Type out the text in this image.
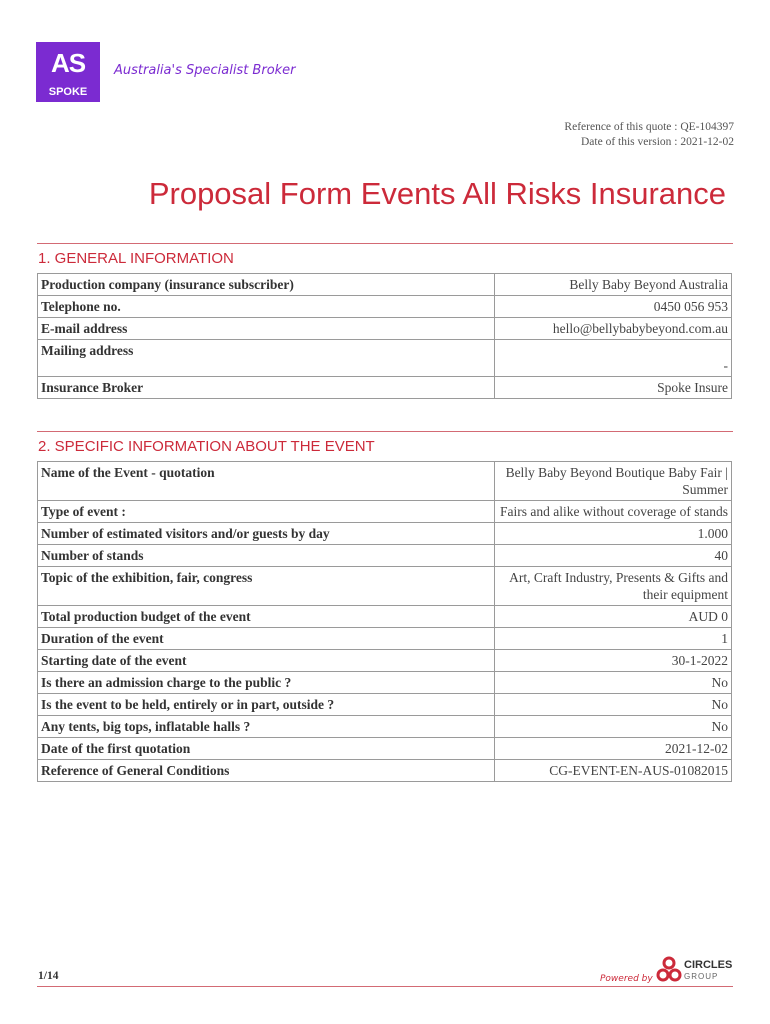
AS
SPOKE
Australia's Specialist Broker
Reference of this quote : QE-104397
Date of this version : 2021-12-02
Proposal Form Events All Risks Insurance
1. GENERAL INFORMATION
Production company (insurance subscriber)	Belly Baby Beyond Australia
Telephone no.	0450 056 953
E-mail address	hello@bellybabybeyond.com.au
Mailing address	-
Insurance Broker	Spoke Insure
2. SPECIFIC INFORMATION ABOUT THE EVENT
Name of the Event - quotation	Belly Baby Beyond Boutique Baby Fair | Summer
Type of event :	Fairs and alike without coverage of stands
Number of estimated visitors and/or guests by day	1.000
Number of stands	40
Topic of the exhibition, fair, congress	Art, Craft Industry, Presents & Gifts and their equipment
Total production budget of the event	AUD 0
Duration of the event	1
Starting date of the event	30-1-2022
Is there an admission charge to the public ?	No
Is the event to be held, entirely or in part, outside ?	No
Any tents, big tops, inflatable halls ?	No
Date of the first quotation	2021-12-02
Reference of General Conditions	CG-EVENT-EN-AUS-01082015
1/14	Powered by
CIRCLES
GROUP
